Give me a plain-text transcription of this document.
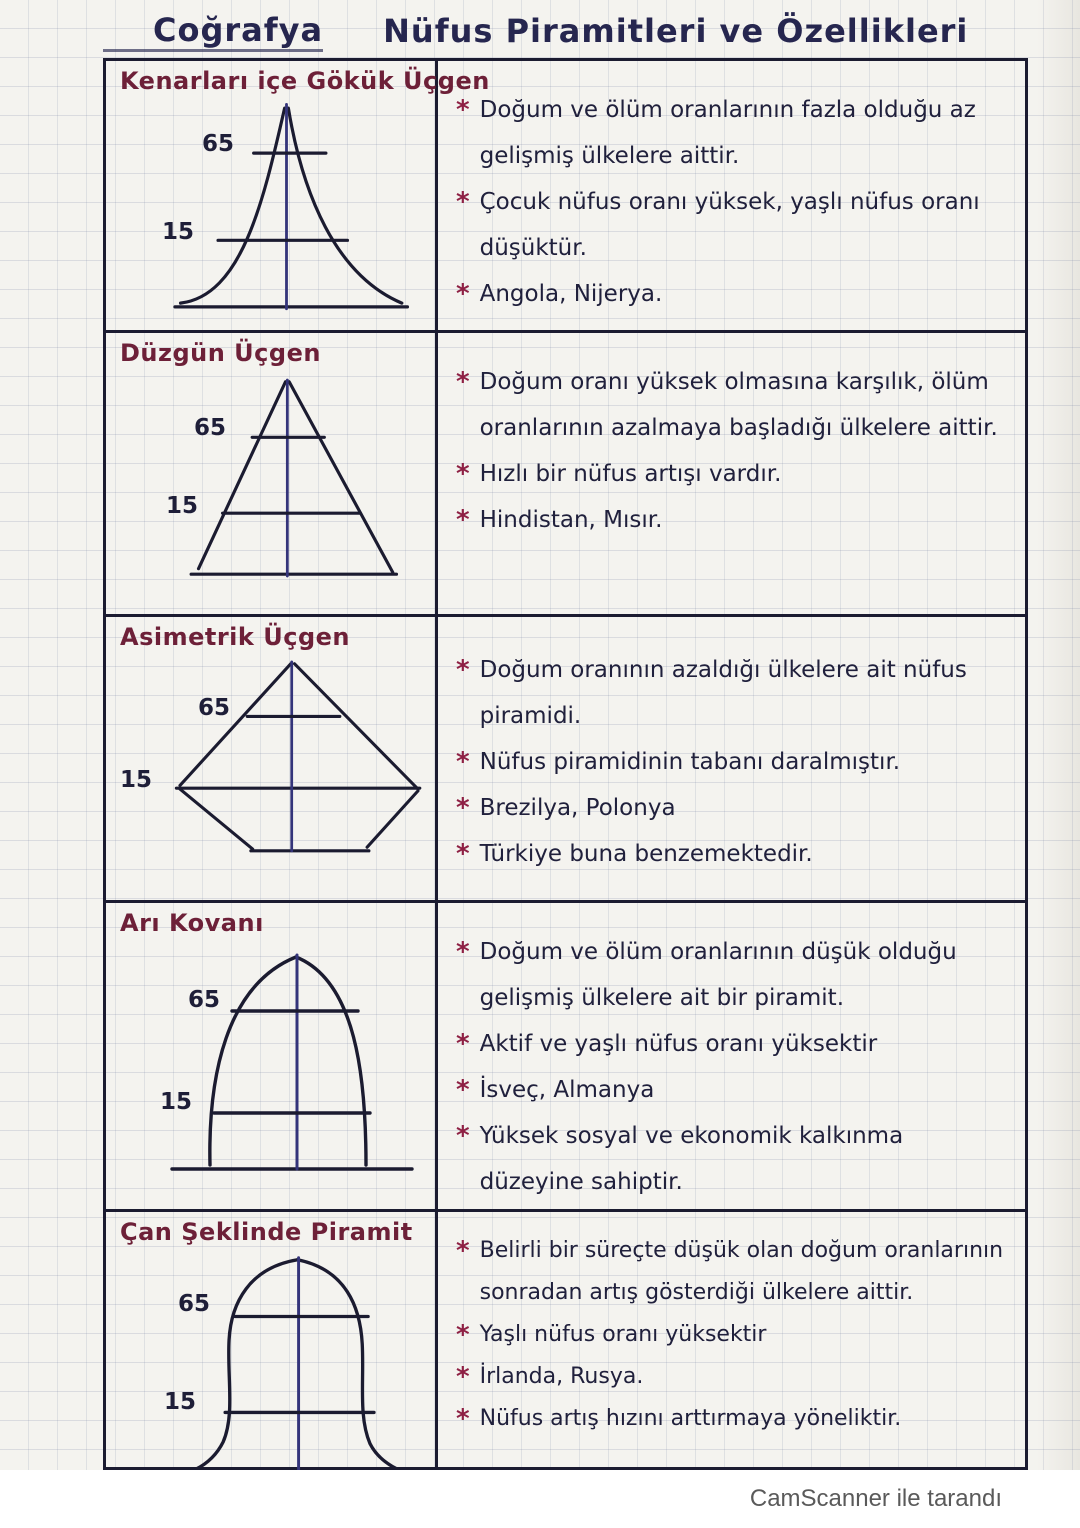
Coğrafya Nüfus Piramitleri ve Özellikleri
Kenarları içe Gökük Üçgen
65
15
* Doğum ve ölüm oranlarının fazla olduğu az gelişmiş ülkelere aittir.
* Çocuk nüfus oranı yüksek, yaşlı nüfus oranı düşüktür.
* Angola, Nijerya.
Düzgün Üçgen
65
15
* Doğum oranı yüksek olmasına karşılık, ölüm oranlarının azalmaya başladığı ülkelere aittir.
* Hızlı bir nüfus artışı vardır.
* Hindistan, Mısır.
Asimetrik Üçgen
65
15
* Doğum oranının azaldığı ülkelere ait nüfus piramidi.
* Nüfus piramidinin tabanı daralmıştır.
* Brezilya, Polonya
* Türkiye buna benzemektedir.
Arı Kovanı
65
15
* Doğum ve ölüm oranlarının düşük olduğu gelişmiş ülkelere ait bir piramit.
* Aktif ve yaşlı nüfus oranı yüksektir
* İsveç, Almanya
* Yüksek sosyal ve ekonomik kalkınma düzeyine sahiptir.
Çan Şeklinde Piramit
65
15
* Belirli bir süreçte düşük olan doğum oranlarının sonradan artış gösterdiği ülkelere aittir.
* Yaşlı nüfus oranı yüksektir
* İrlanda, Rusya.
* Nüfus artış hızını arttırmaya yöneliktir.
CamScanner ile tarandı
